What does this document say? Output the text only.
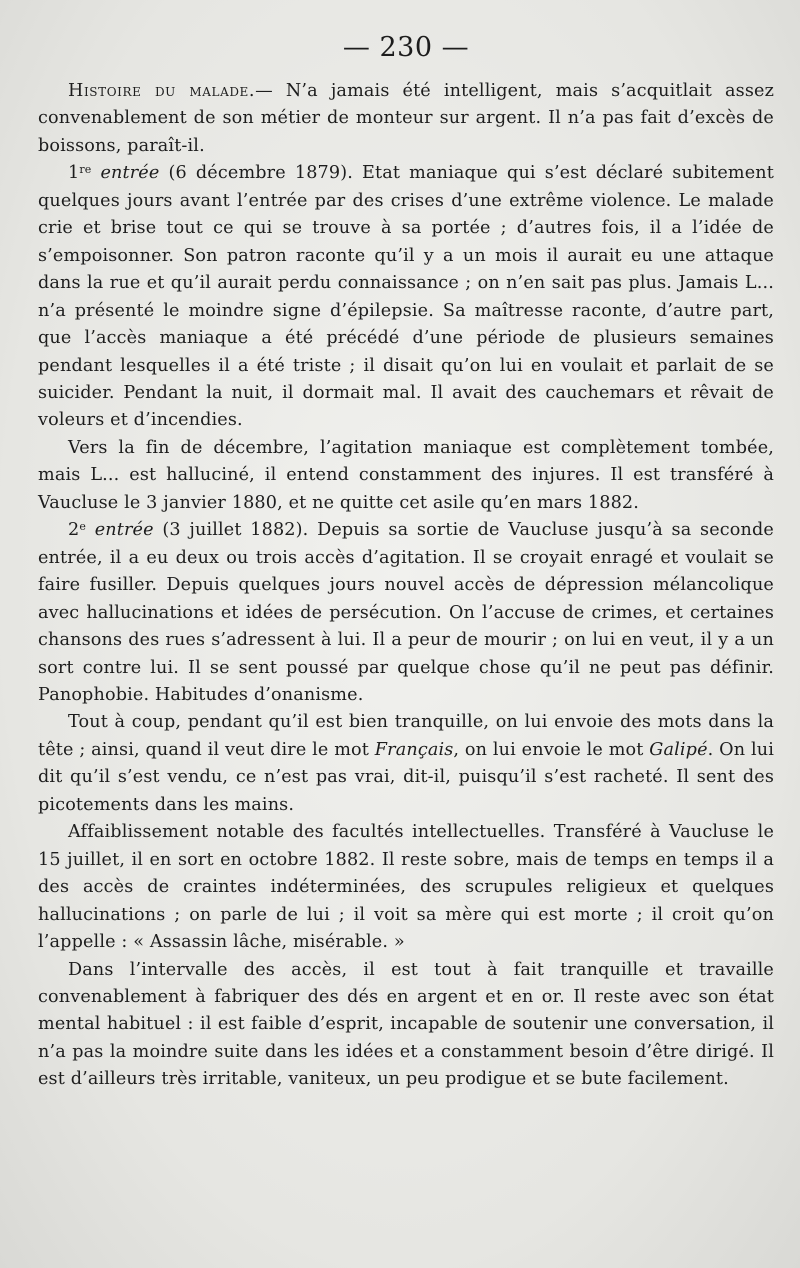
— 230 —

Histoire du malade.— N’a jamais été intelligent, mais s’acquitlait assez convenablement de son métier de monteur sur argent. Il n’a pas fait d’excès de boissons, paraît-il.

1re entrée (6 décembre 1879). Etat maniaque qui s’est déclaré subitement quelques jours avant l’entrée par des crises d’une extrême violence. Le malade crie et brise tout ce qui se trouve à sa portée ; d’autres fois, il a l’idée de s’empoisonner. Son patron raconte qu’il y a un mois il aurait eu une attaque dans la rue et qu’il aurait perdu connaissance ; on n’en sait pas plus. Jamais L... n’a présenté le moindre signe d’épilepsie. Sa maîtresse raconte, d’autre part, que l’accès maniaque a été précédé d’une période de plusieurs semaines pendant lesquelles il a été triste ; il disait qu’on lui en voulait et parlait de se suicider. Pendant la nuit, il dormait mal. Il avait des cauchemars et rêvait de voleurs et d’incendies.

Vers la fin de décembre, l’agitation maniaque est complètement tombée, mais L... est halluciné, il entend constamment des injures. Il est transféré à Vaucluse le 3 janvier 1880, et ne quitte cet asile qu’en mars 1882.

2e entrée (3 juillet 1882). Depuis sa sortie de Vaucluse jusqu’à sa seconde entrée, il a eu deux ou trois accès d’agitation. Il se croyait enragé et voulait se faire fusiller. Depuis quelques jours nouvel accès de dépression mélancolique avec hallucinations et idées de persécution. On l’accuse de crimes, et certaines chansons des rues s’adressent à lui. Il a peur de mourir ; on lui en veut, il y a un sort contre lui. Il se sent poussé par quelque chose qu’il ne peut pas définir. Panophobie. Habitudes d’onanisme.

Tout à coup, pendant qu’il est bien tranquille, on lui envoie des mots dans la tête ; ainsi, quand il veut dire le mot Français, on lui envoie le mot Galipé. On lui dit qu’il s’est vendu, ce n’est pas vrai, dit-il, puisqu’il s’est racheté. Il sent des picotements dans les mains.

Affaiblissement notable des facultés intellectuelles. Transféré à Vaucluse le 15 juillet, il en sort en octobre 1882. Il reste sobre, mais de temps en temps il a des accès de craintes indéterminées, des scrupules religieux et quelques hallucinations ; on parle de lui ; il voit sa mère qui est morte ; il croit qu’on l’appelle : « Assassin lâche, misérable. »

Dans l’intervalle des accès, il est tout à fait tranquille et travaille convenablement à fabriquer des dés en argent et en or. Il reste avec son état mental habituel : il est faible d’esprit, incapable de soutenir une conversation, il n’a pas la moindre suite dans les idées et a constamment besoin d’être dirigé. Il est d’ailleurs très irritable, vaniteux, un peu prodigue et se bute facilement.
